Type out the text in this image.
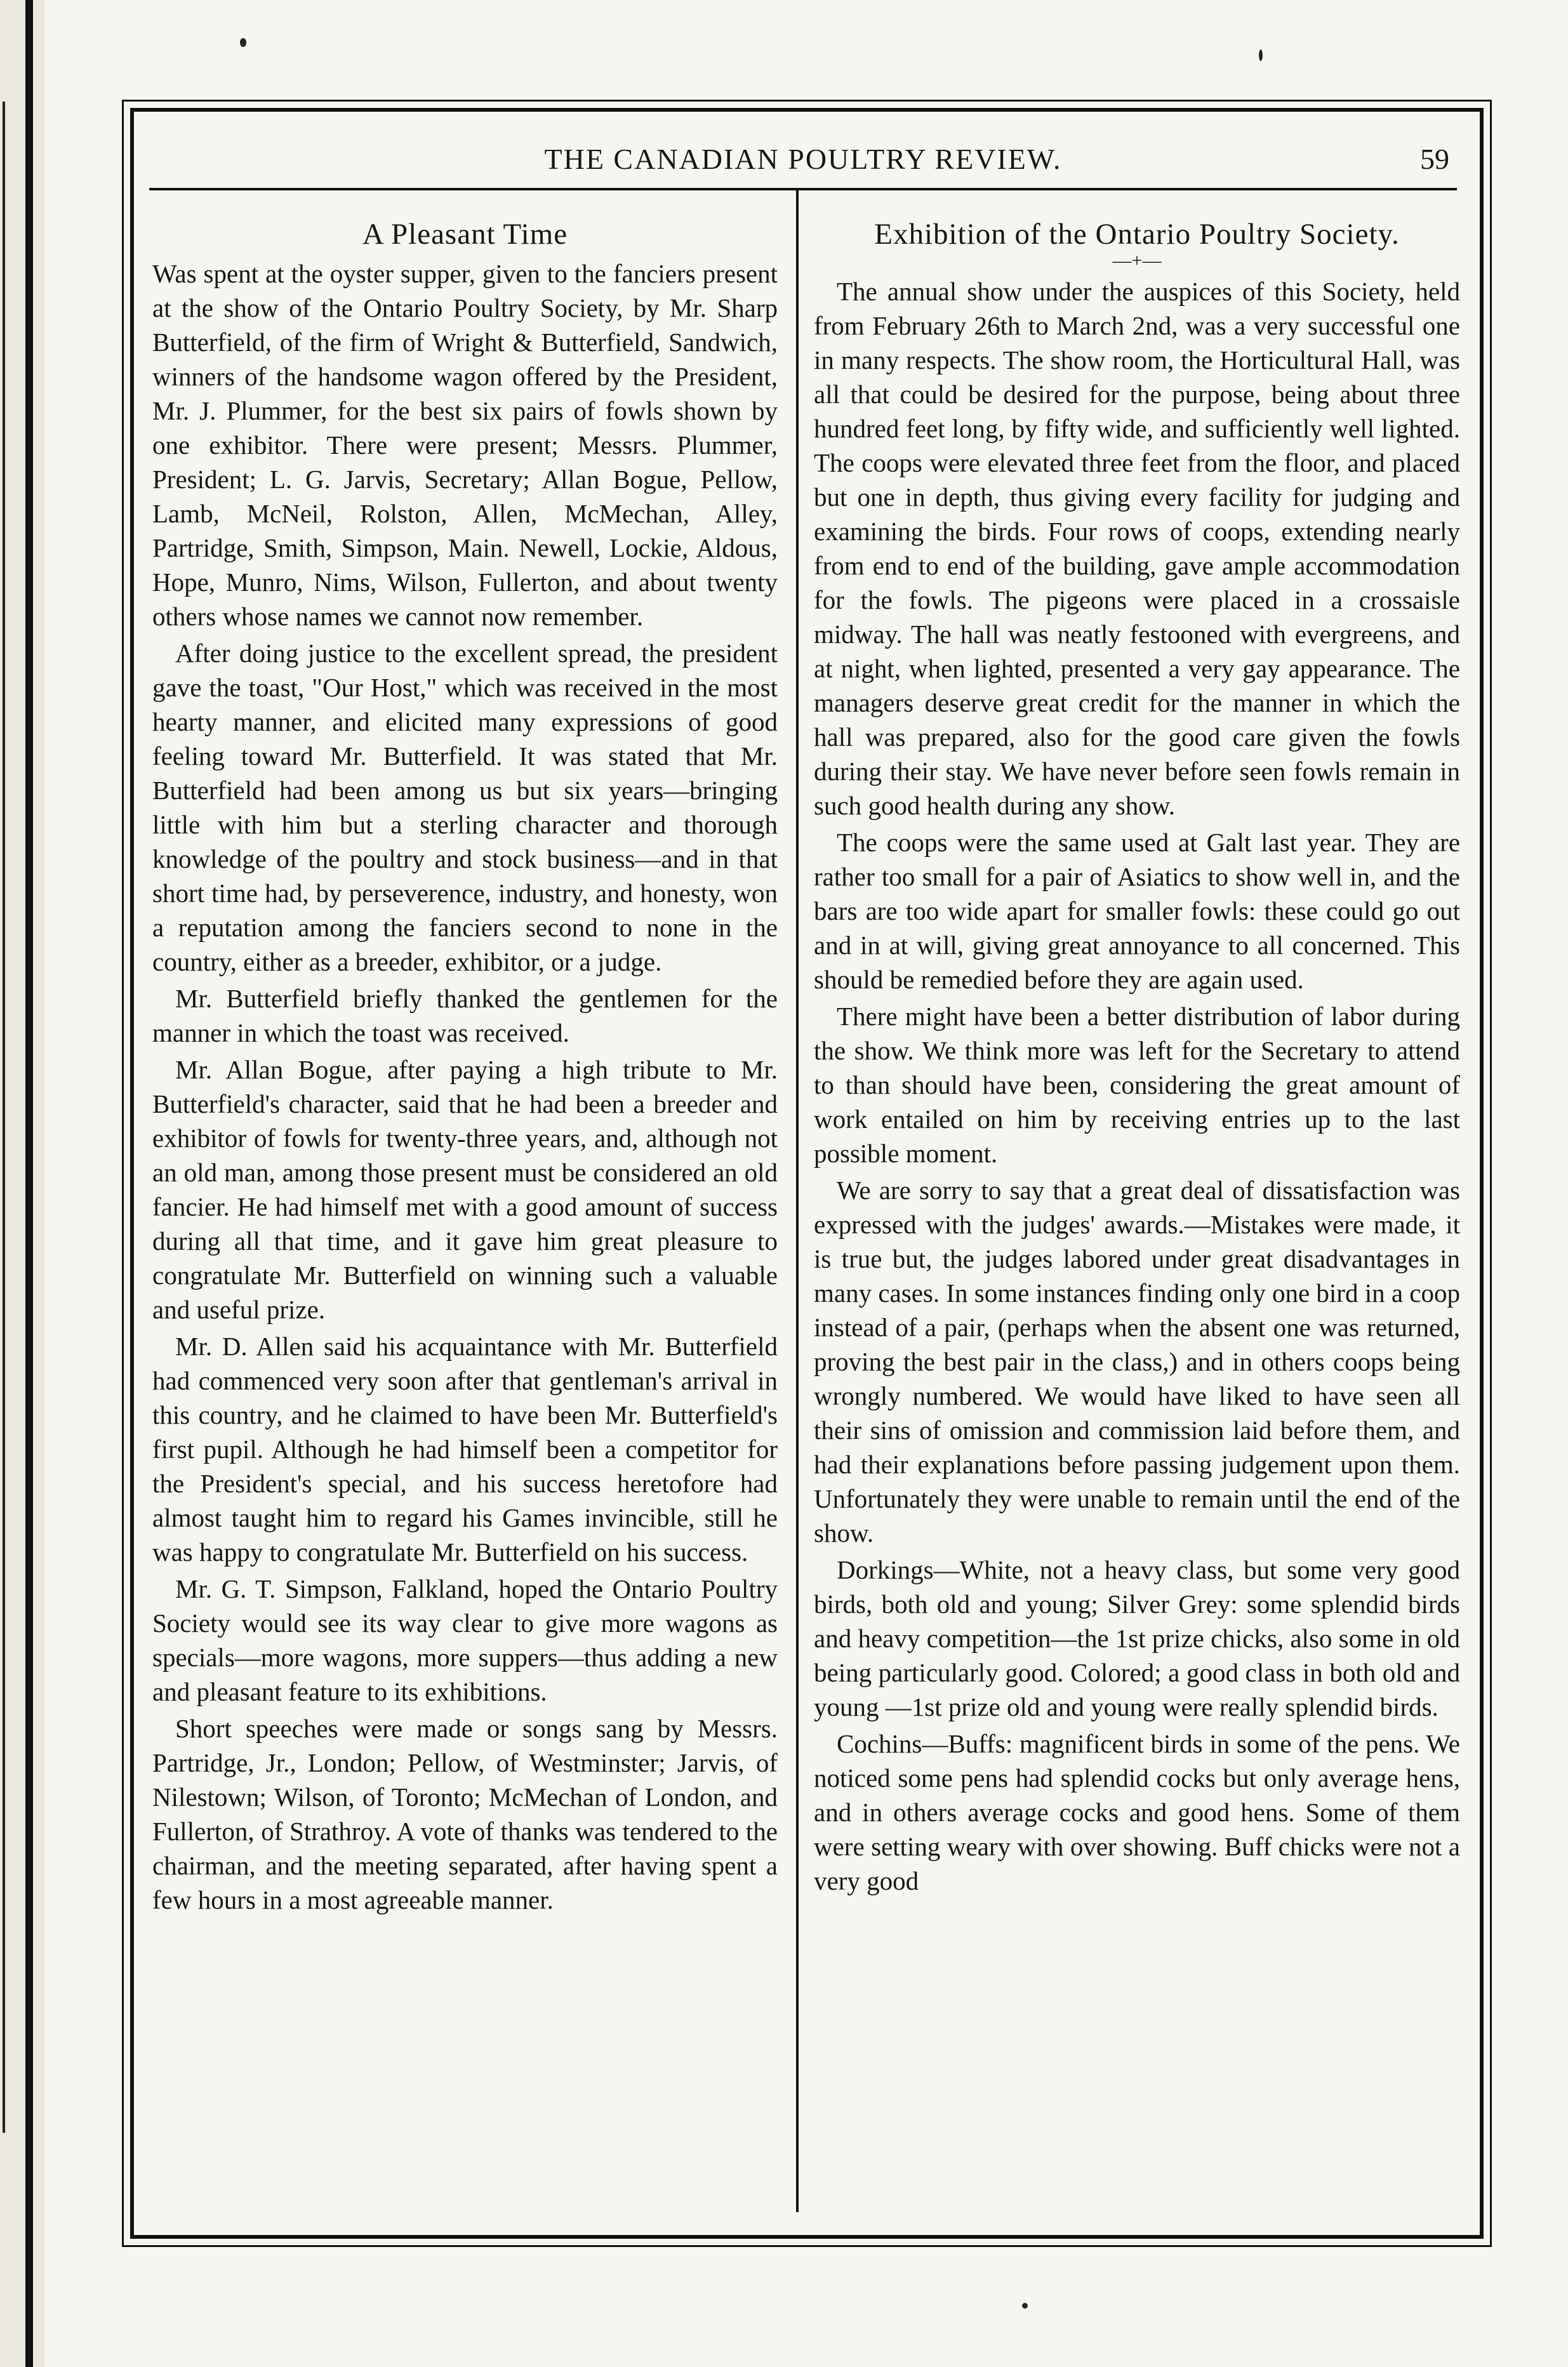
THE CANADIAN POULTRY REVIEW.	59
A Pleasant Time

Was spent at the oyster supper, given to the fanciers present at the show of the Ontario Poultry Society, by Mr. Sharp Butterfield, of the firm of Wright & Butterfield, Sandwich, winners of the handsome wagon offered by the President, Mr. J. Plummer, for the best six pairs of fowls shown by one exhibitor. There were present; Messrs. Plummer, President; L. G. Jarvis, Secretary; Allan Bogue, Pellow, Lamb, McNeil, Rolston, Allen, McMechan, Alley, Partridge, Smith, Simpson, Main. Newell, Lockie, Aldous, Hope, Munro, Nims, Wilson, Fullerton, and about twenty others whose names we cannot now remember.

After doing justice to the excellent spread, the president gave the toast, "Our Host," which was received in the most hearty manner, and elicited many expressions of good feeling toward Mr. Butterfield. It was stated that Mr. Butterfield had been among us but six years—bringing little with him but a sterling character and thorough knowledge of the poultry and stock business—and in that short time had, by perseverence, industry, and honesty, won a reputation among the fanciers second to none in the country, either as a breeder, exhibitor, or a judge.

Mr. Butterfield briefly thanked the gentlemen for the manner in which the toast was received.

Mr. Allan Bogue, after paying a high tribute to Mr. Butterfield's character, said that he had been a breeder and exhibitor of fowls for twenty-three years, and, although not an old man, among those present must be considered an old fancier. He had himself met with a good amount of success during all that time, and it gave him great pleasure to congratulate Mr. Butterfield on winning such a valuable and useful prize.

Mr. D. Allen said his acquaintance with Mr. Butterfield had commenced very soon after that gentleman's arrival in this country, and he claimed to have been Mr. Butterfield's first pupil. Although he had himself been a competitor for the President's special, and his success heretofore had almost taught him to regard his Games invincible, still he was happy to congratulate Mr. Butterfield on his success.

Mr. G. T. Simpson, Falkland, hoped the Ontario Poultry Society would see its way clear to give more wagons as specials—more wagons, more suppers—thus adding a new and pleasant feature to its exhibitions.

Short speeches were made or songs sang by Messrs. Partridge, Jr., London; Pellow, of Westminster; Jarvis, of Nilestown; Wilson, of Toronto; McMechan of London, and Fullerton, of Strathroy. A vote of thanks was tendered to the chairman, and the meeting separated, after having spent a few hours in a most agreeable manner.

Exhibition of the Ontario Poultry Society.
—+—

The annual show under the auspices of this Society, held from February 26th to March 2nd, was a very successful one in many respects. The show room, the Horticultural Hall, was all that could be desired for the purpose, being about three hundred feet long, by fifty wide, and sufficiently well lighted. The coops were elevated three feet from the floor, and placed but one in depth, thus giving every facility for judging and examining the birds. Four rows of coops, extending nearly from end to end of the building, gave ample accommodation for the fowls. The pigeons were placed in a crossaisle midway. The hall was neatly festooned with evergreens, and at night, when lighted, presented a very gay appearance. The managers deserve great credit for the manner in which the hall was prepared, also for the good care given the fowls during their stay. We have never before seen fowls remain in such good health during any show.

The coops were the same used at Galt last year. They are rather too small for a pair of Asiatics to show well in, and the bars are too wide apart for smaller fowls: these could go out and in at will, giving great annoyance to all concerned. This should be remedied before they are again used.

There might have been a better distribution of labor during the show. We think more was left for the Secretary to attend to than should have been, considering the great amount of work entailed on him by receiving entries up to the last possible moment.

We are sorry to say that a great deal of dissatisfaction was expressed with the judges' awards.—Mistakes were made, it is true but, the judges labored under great disadvantages in many cases. In some instances finding only one bird in a coop instead of a pair, (perhaps when the absent one was returned, proving the best pair in the class,) and in others coops being wrongly numbered. We would have liked to have seen all their sins of omission and commission laid before them, and had their explanations before passing judgement upon them. Unfortunately they were unable to remain until the end of the show.

Dorkings—White, not a heavy class, but some very good birds, both old and young; Silver Grey: some splendid birds and heavy competition—the 1st prize chicks, also some in old being particularly good. Colored; a good class in both old and young —1st prize old and young were really splendid birds.

Cochins—Buffs: magnificent birds in some of the pens. We noticed some pens had splendid cocks but only average hens, and in others average cocks and good hens. Some of them were setting weary with over showing. Buff chicks were not a very good
